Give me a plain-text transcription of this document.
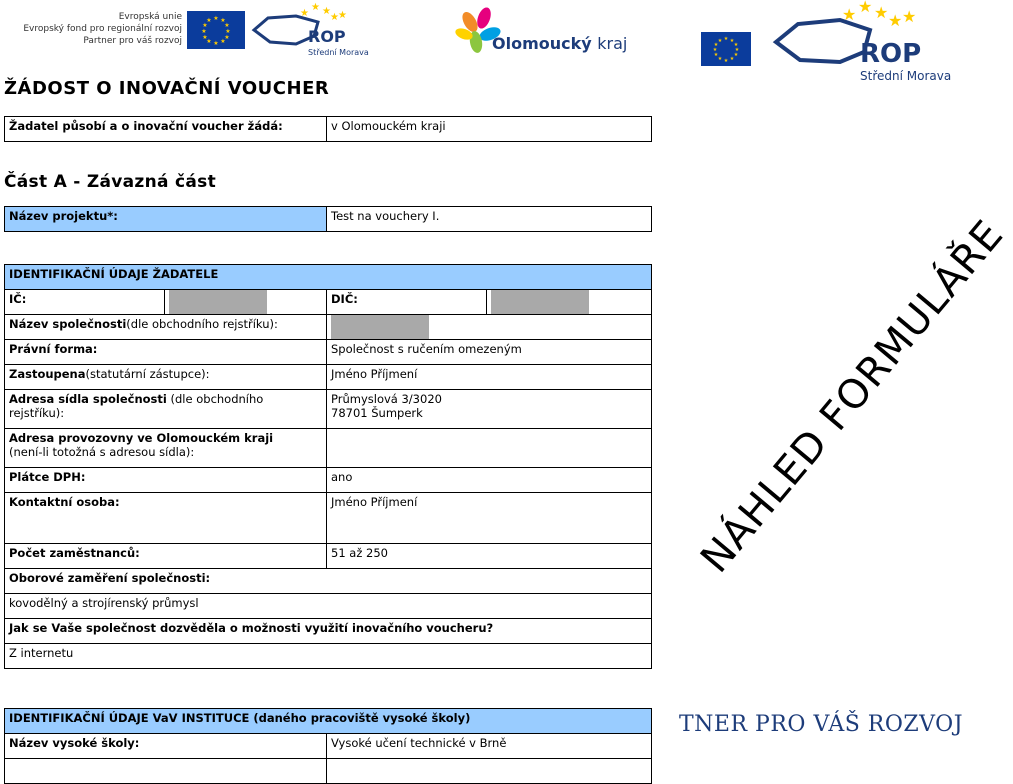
Evropská unie
Evropský fond pro regionální rozvoj
Partner pro váš rozvoj
★ ★
★
★
★
★
★
★
★
★
★
★
★
★ ★
★ ★
ROP
Střední Morava	Olomoucký kraj	★ ★
★
★
★
★
★
★
★
★
★
★
★ ★ ★ ★ ★
ROP
Střední Morava
ŽÁDOST O INOVAČNÍ VOUCHER
Žadatel působí a o inovační voucher žádá:	v Olomouckém kraji
Část A - Závazná část
Název projektu*:	Test na vouchery I.
IDENTIFIKAČNÍ ÚDAJE ŽADATELE			
IČ:		DIČ:	
Název společnosti(dle obchodního rejstříku):			
Právní forma:		Společnost s ručením omezeným	
Zastoupena(statutární zástupce):		Jméno Příjmení	
Adresa sídla společnosti (dle obchodního rejstříku):		Průmyslová 3/3020
78701 Šumperk	

Adresa provozovny ve Olomouckém kraji
(není-li totožná s adresou sídla):			

Plátce DPH:		ano	
Kontaktní osoba:		Jméno Příjmení	
Počet zaměstnanců:		51 až 250	
Oborové zaměření společnosti:			
kovodělný a strojírenský průmysl			
Jak se Vaše společnost dozvěděla o možnosti využití inovačního voucheru?			
Z internetu			
IDENTIFIKAČNÍ ÚDAJE VaV INSTITUCE (daného pracoviště vysoké školy)	
Název vysoké školy:	Vysoké učení technické v Brně

NÁHLED FORMULÁŘE
TNER PRO VÁŠ ROZVOJ
